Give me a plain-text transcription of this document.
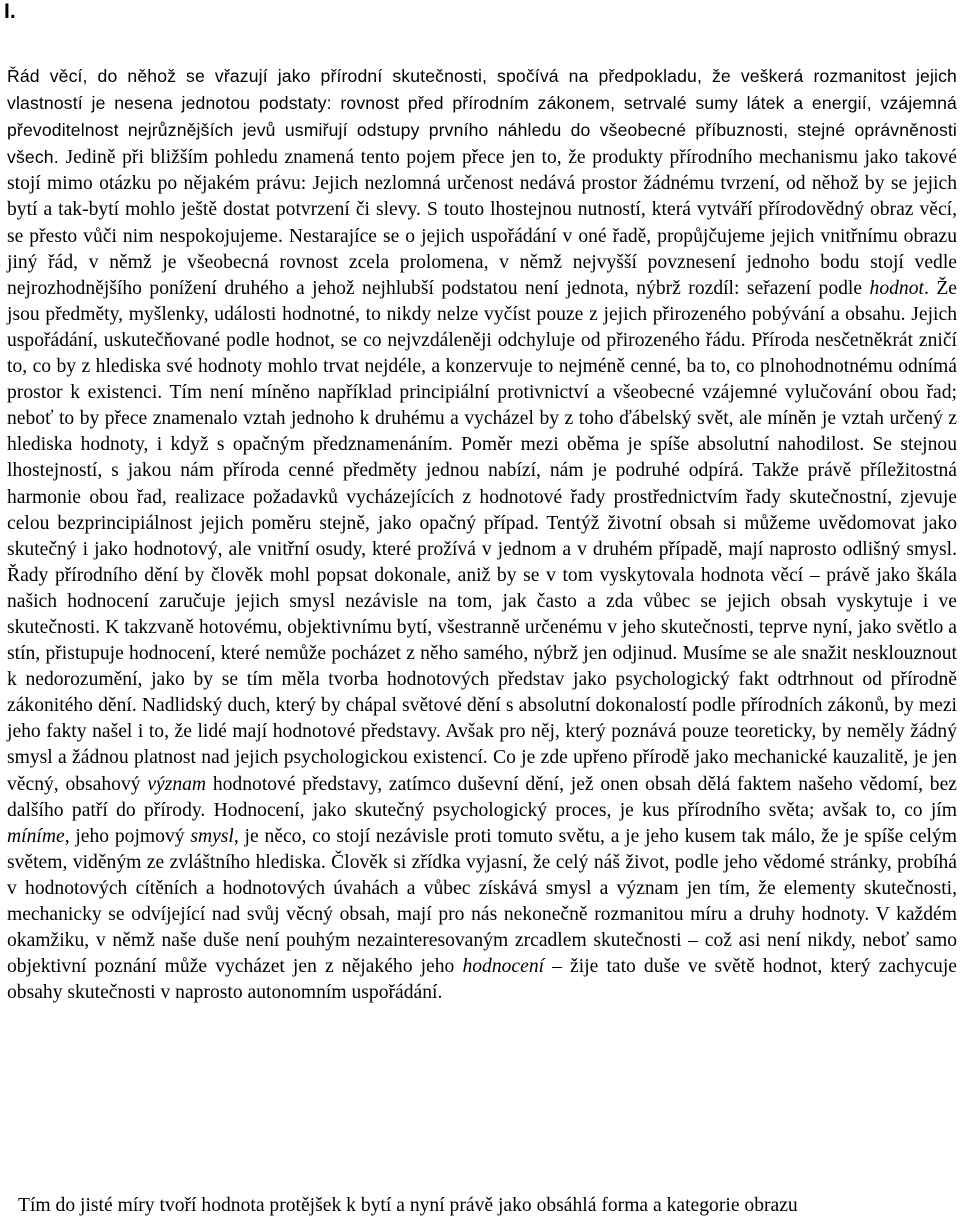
I.

Řád věcí, do něhož se vřazují jako přírodní skutečnosti, spočívá na předpokladu, že veškerá rozmanitost jejich vlastností je nesena jednotou podstaty: rovnost před přírodním zákonem, setrvalé sumy látek a energií, vzájemná převoditelnost nejrůznějších jevů usmiřují odstupy prvního náhledu do všeobecné příbuznosti, stejné oprávněnosti všech. Jedině při bližším pohledu znamená tento pojem přece jen to, že produkty přírodního mechanismu jako takové stojí mimo otázku po nějakém právu: Jejich nezlomná určenost nedává prostor žádnému tvrzení, od něhož by se jejich bytí a tak-bytí mohlo ještě dostat potvrzení či slevy. S touto lhostejnou nutností, která vytváří přírodovědný obraz věcí, se přesto vůči nim nespokojujeme. Nestarajíce se o jejich uspořádání v oné řadě, propůjčujeme jejich vnitřnímu obrazu jiný řád, v němž je všeobecná rovnost zcela prolomena, v němž nejvyšší povznesení jednoho bodu stojí vedle nejrozhodnějšího ponížení druhého a jehož nejhlubší podstatou není jednota, nýbrž rozdíl: seřazení podle hodnot. Že jsou předměty, myšlenky, události hodnotné, to nikdy nelze vyčíst pouze z jejich přirozeného pobývání a obsahu. Jejich uspořádání, uskutečňované podle hodnot, se co nejvzdáleněji odchyluje od přirozeného řádu. Příroda nesčetněkrát zničí to, co by z hlediska své hodnoty mohlo trvat nejdéle, a konzervuje to nejméně cenné, ba to, co plnohodnotnému odnímá prostor k existenci. Tím není míněno například principiální protivnictví a všeobecné vzájemné vylučování obou řad; neboť to by přece znamenalo vztah jednoho k druhému a vycházel by z toho ďábelský svět, ale míněn je vztah určený z hlediska hodnoty, i když s opačným předznamenáním. Poměr mezi oběma je spíše absolutní nahodilost. Se stejnou lhostejností, s jakou nám příroda cenné předměty jednou nabízí, nám je podruhé odpírá. Takže právě příležitostná harmonie obou řad, realizace požadavků vycházejících z hodnotové řady prostřednictvím řady skutečnostní, zjevuje celou bezprincipiálnost jejich poměru stejně, jako opačný případ. Tentýž životní obsah si můžeme uvědomovat jako skutečný i jako hodnotový, ale vnitřní osudy, které prožívá v jednom a v druhém případě, mají naprosto odlišný smysl. Řady přírodního dění by člověk mohl popsat dokonale, aniž by se v tom vyskytovala hodnota věcí – právě jako škála našich hodnocení zaručuje jejich smysl nezávisle na tom, jak často a zda vůbec se jejich obsah vyskytuje i ve skutečnosti. K takzvaně hotovému, objektivnímu bytí, všestranně určenému v jeho skutečnosti, teprve nyní, jako světlo a stín, přistupuje hodnocení, které nemůže pocházet z něho samého, nýbrž jen odjinud. Musíme se ale snažit nesklouznout k nedorozumění, jako by se tím měla tvorba hodnotových představ jako psychologický fakt odtrhnout od přírodně zákonitého dění. Nadlidský duch, který by chápal světové dění s absolutní dokonalostí podle přírodních zákonů, by mezi jeho fakty našel i to, že lidé mají hodnotové představy. Avšak pro něj, který poznává pouze teoreticky, by neměly žádný smysl a žádnou platnost nad jejich psychologickou existencí. Co je zde upřeno přírodě jako mechanické kauzalitě, je jen věcný, obsahový význam hodnotové představy, zatímco duševní dění, jež onen obsah dělá faktem našeho vědomí, bez dalšího patří do přírody. Hodnocení, jako skutečný psychologický proces, je kus přírodního světa; avšak to, co jím míníme, jeho pojmový smysl, je něco, co stojí nezávisle proti tomuto světu, a je jeho kusem tak málo, že je spíše celým světem, viděným ze zvláštního hlediska. Člověk si zřídka vyjasní, že celý náš život, podle jeho vědomé stránky, probíhá v hodnotových cítěních a hodnotových úvahách a vůbec získává smysl a význam jen tím, že elementy skutečnosti, mechanicky se odvíjející nad svůj věcný obsah, mají pro nás nekonečně rozmanitou míru a druhy hodnoty. V každém okamžiku, v němž naše duše není pouhým nezainteresovaným zrcadlem skutečnosti – což asi není nikdy, neboť samo objektivní poznání může vycházet jen z nějakého jeho hodnocení – žije tato duše ve světě hodnot, který zachycuje obsahy skutečnosti v naprosto autonomním uspořádání.

Tím do jisté míry tvoří hodnota protějšek k bytí a nyní právě jako obsáhlá forma a kategorie obrazu
